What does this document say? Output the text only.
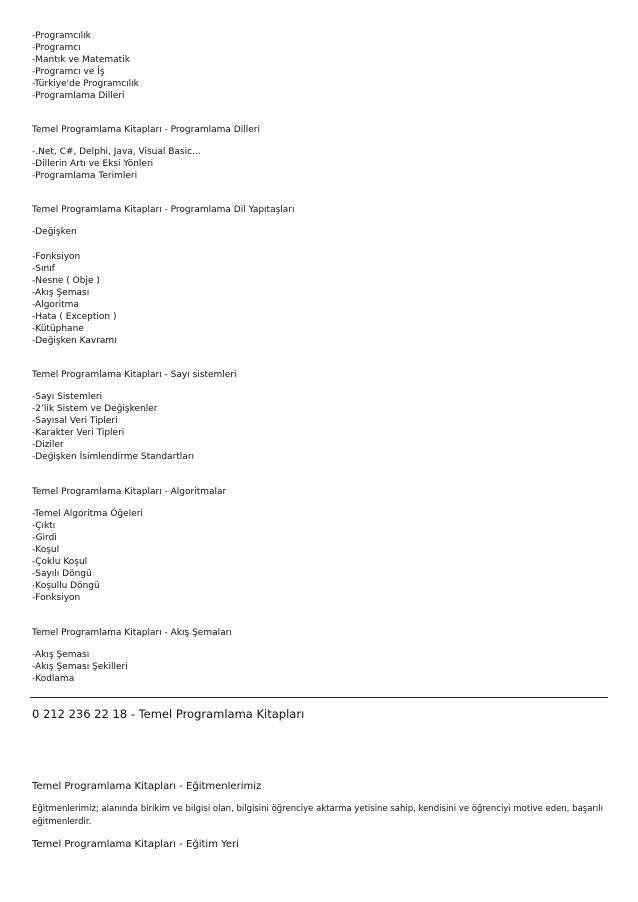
-Programcılık
-Programcı
-Mantık ve Matematik
-Programcı ve İş
-Türkiye'de Programcılık
-Programlama Dilleri
Temel Programlama Kitapları - Programlama Dilleri
-.Net, C#, Delphi, Java, Visual Basic...
-Dillerin Artı ve Eksi Yönleri
-Programlama Terimleri
Temel Programlama Kitapları - Programlama Dil Yapıtaşları
-Değişken
-Fonksiyon
-Sınıf
-Nesne ( Obje )
-Akış Şeması
-Algoritma
-Hata ( Exception )
-Kütüphane
-Değişken Kavramı
Temel Programlama Kitapları - Sayı sistemleri
-Sayı Sistemleri
-2’lik Sistem ve Değişkenler
-Sayısal Veri Tipleri
-Karakter Veri Tipleri
-Diziler
-Değişken İsimlendirme Standartları
Temel Programlama Kitapları - Algoritmalar
-Temel Algoritma Öğeleri
-Çıktı
-Girdi
-Koşul
-Çoklu Koşul
-Sayılı Döngü
-Koşullu Döngü
-Fonksiyon
Temel Programlama Kitapları - Akış Şemaları
-Akış Şeması
-Akış Şeması Şekilleri
-Kodlama
0 212 236 22 18 - Temel Programlama Kitapları
Temel Programlama Kitapları - Eğitmenlerimiz
Eğitmenlerimiz; alanında birikim ve bilgisi olan, bilgisini öğrenciye aktarma yetisine sahip, kendisini ve öğrenciyi motive eden, başarılı eğitmenlerdir.
Temel Programlama Kitapları - Eğitim Yeri
